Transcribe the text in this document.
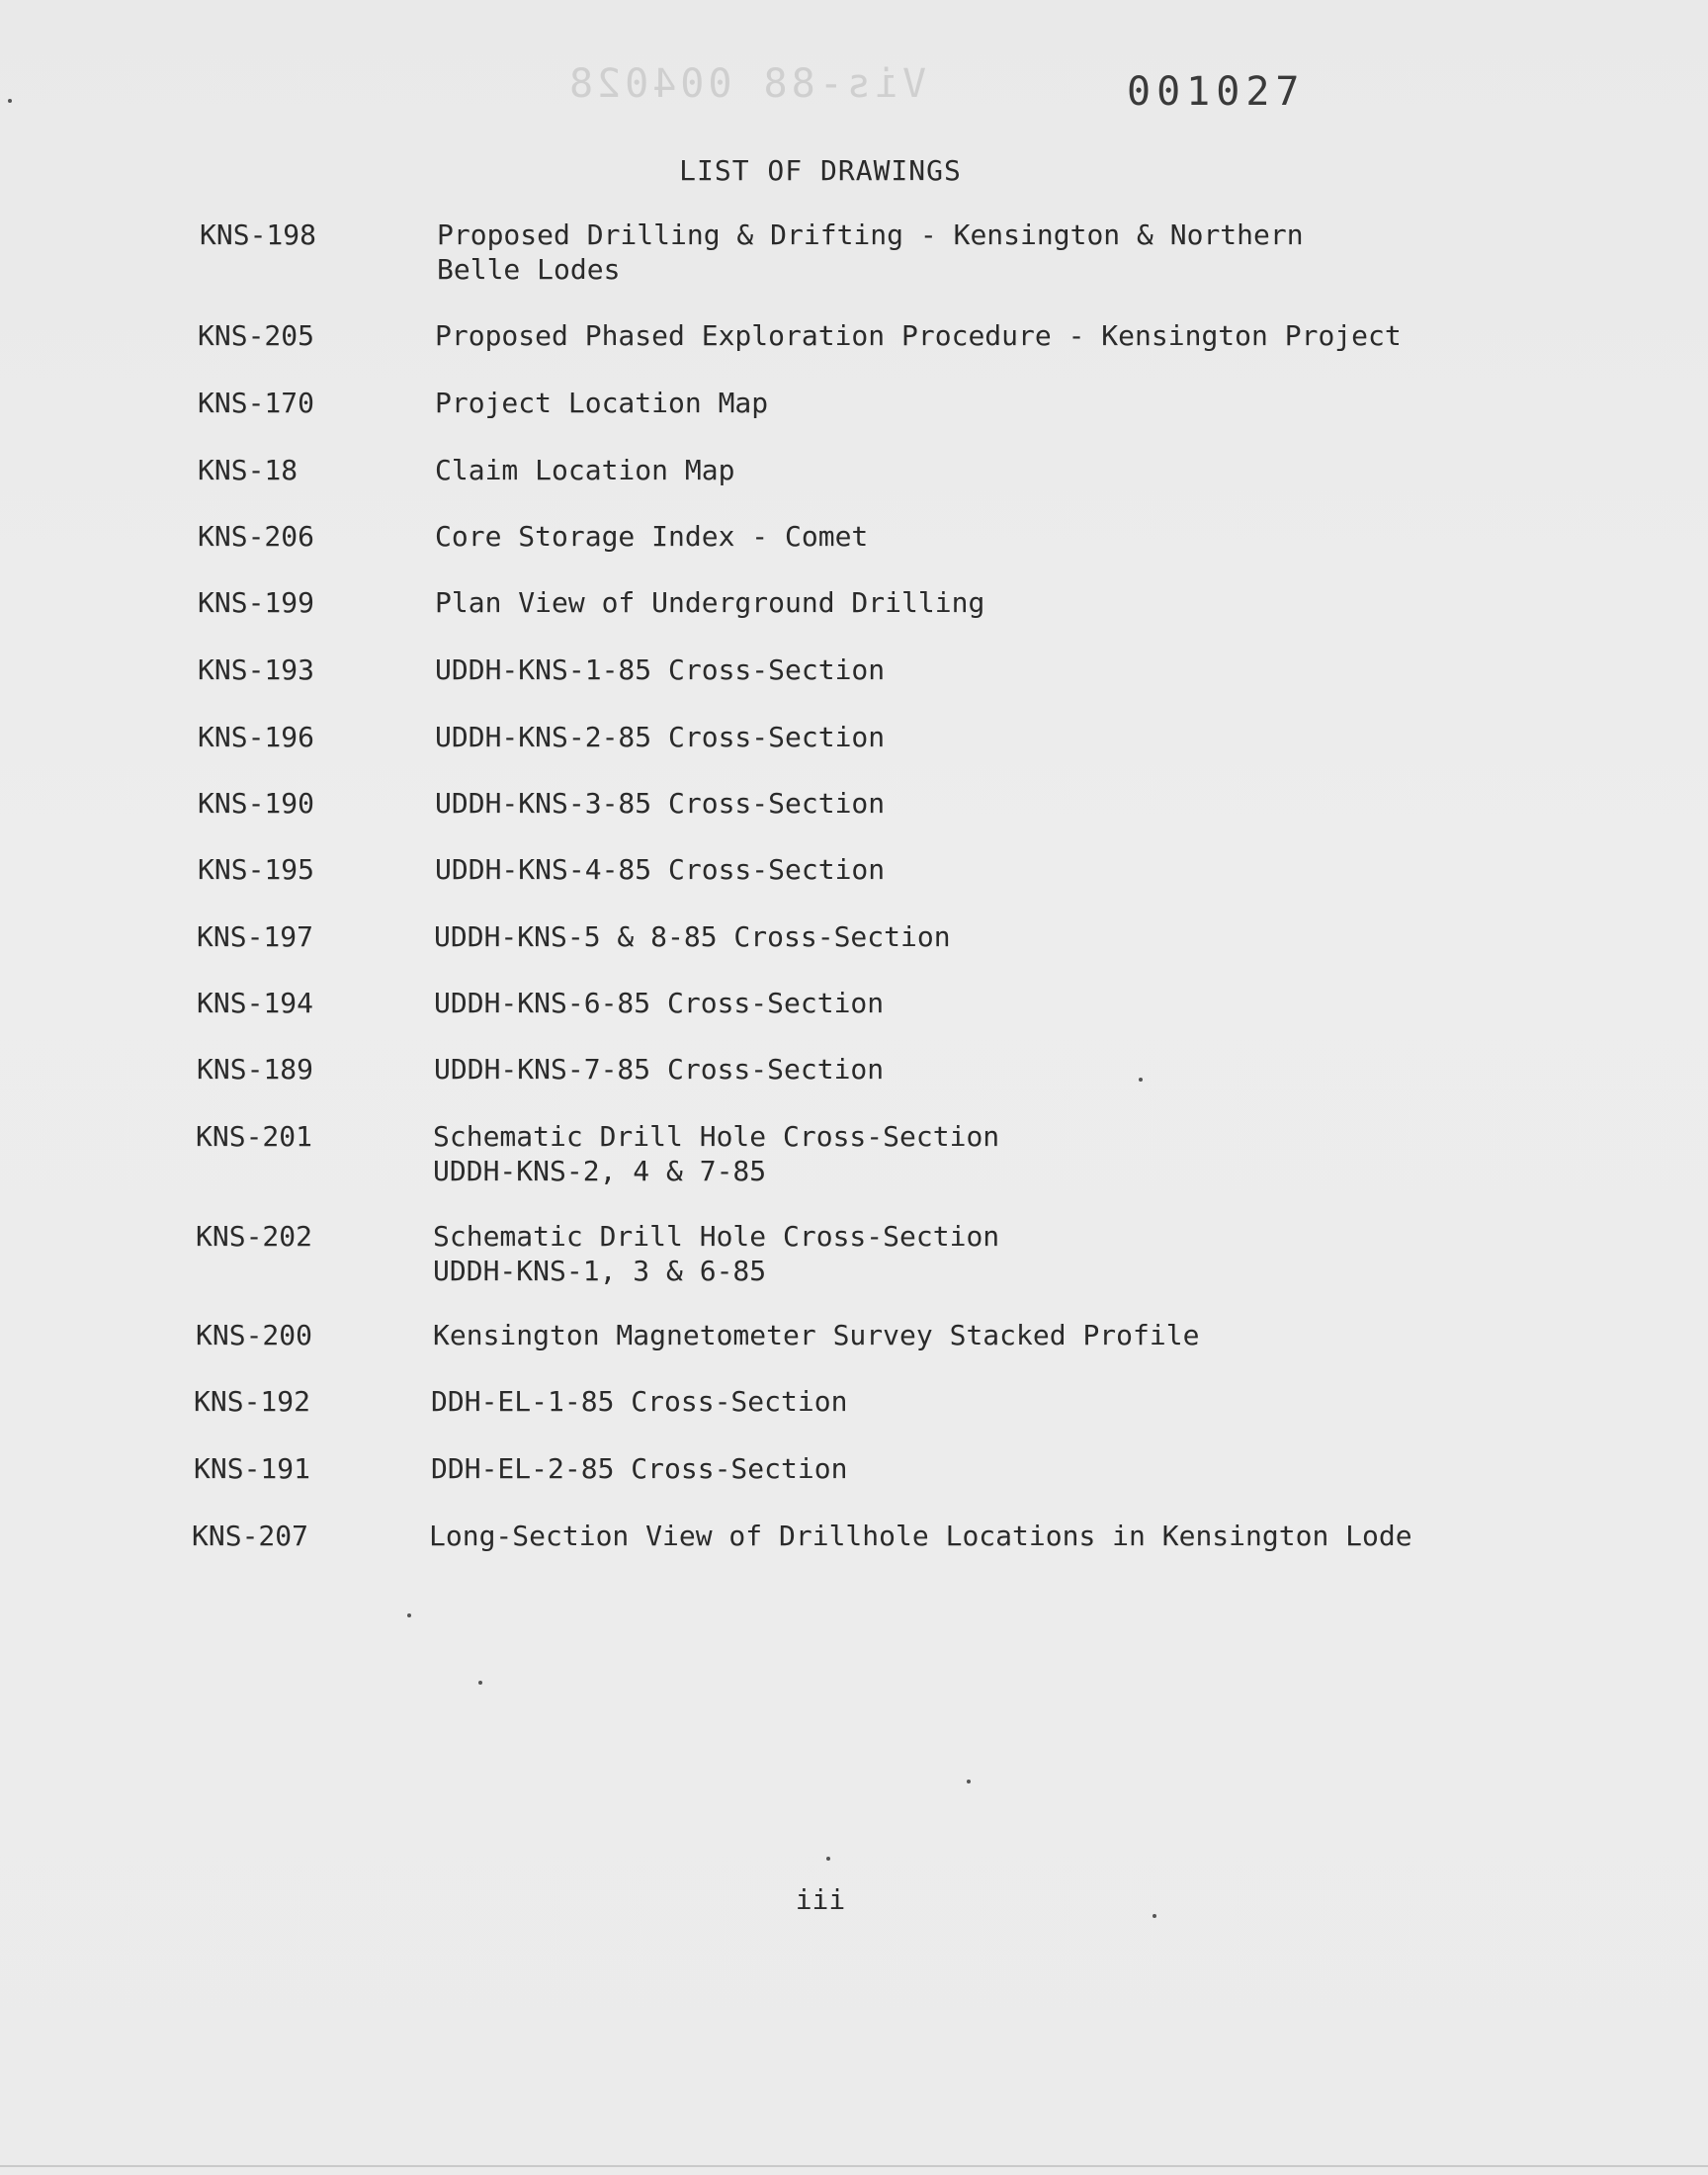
Vis-88 004028	001027
LIST OF DRAWINGS
KNS-198	Proposed Drilling & Drifting - Kensington & Northern
Belle Lodes
KNS-205	Proposed Phased Exploration Procedure - Kensington Project
KNS-170	Project Location Map
KNS-18	Claim Location Map
KNS-206	Core Storage Index - Comet
KNS-199	Plan View of Underground Drilling
KNS-193	UDDH-KNS-1-85 Cross-Section
KNS-196	UDDH-KNS-2-85 Cross-Section
KNS-190	UDDH-KNS-3-85 Cross-Section
KNS-195	UDDH-KNS-4-85 Cross-Section
KNS-197	UDDH-KNS-5 & 8-85 Cross-Section
KNS-194	UDDH-KNS-6-85 Cross-Section
KNS-189	UDDH-KNS-7-85 Cross-Section
KNS-201	Schematic Drill Hole Cross-Section
UDDH-KNS-2, 4 & 7-85
KNS-202	Schematic Drill Hole Cross-Section
UDDH-KNS-1, 3 & 6-85
KNS-200	Kensington Magnetometer Survey Stacked Profile
KNS-192	DDH-EL-1-85 Cross-Section
KNS-191	DDH-EL-2-85 Cross-Section
KNS-207	Long-Section View of Drillhole Locations in Kensington Lode
iii
